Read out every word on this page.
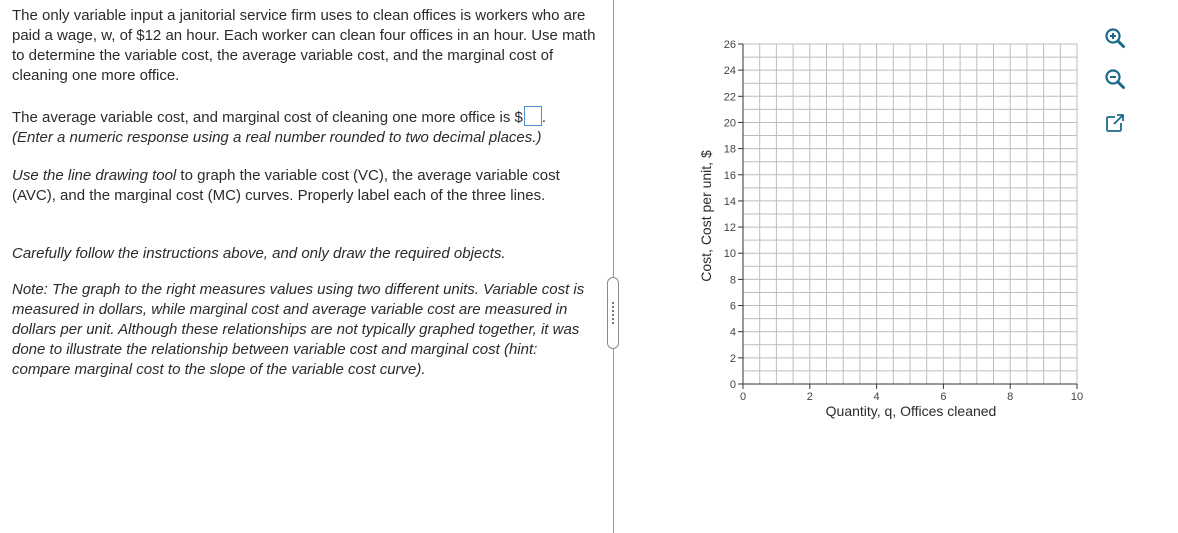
The only variable input a janitorial service firm uses to clean offices is workers who are paid a wage, w, of $12 an hour. Each worker can clean four offices in an hour. Use math to determine the variable cost, the average variable cost, and the marginal cost of cleaning one more office.
The average variable cost, and marginal cost of cleaning one more office is $ .
(Enter a numeric response using a real number rounded to two decimal places.)
Use the line drawing tool to graph the variable cost (VC), the average variable cost (AVC), and the marginal cost (MC) curves. Properly label each of the three lines.
Carefully follow the instructions above, and only draw the required objects.
Note: The graph to the right measures values using two different units. Variable cost is measured in dollars, while marginal cost and average variable cost are measured in dollars per unit. Although these relationships are not typically graphed together, it was done to illustrate the relationship between variable cost and marginal cost (hint: compare marginal cost to the slope of the variable cost curve).
0
2
4
6
8
10
12
14
16
18
20
22
24
26
0	2	4	6	8	10
Quantity, q, Offices cleaned
Cost, Cost per unit, $
